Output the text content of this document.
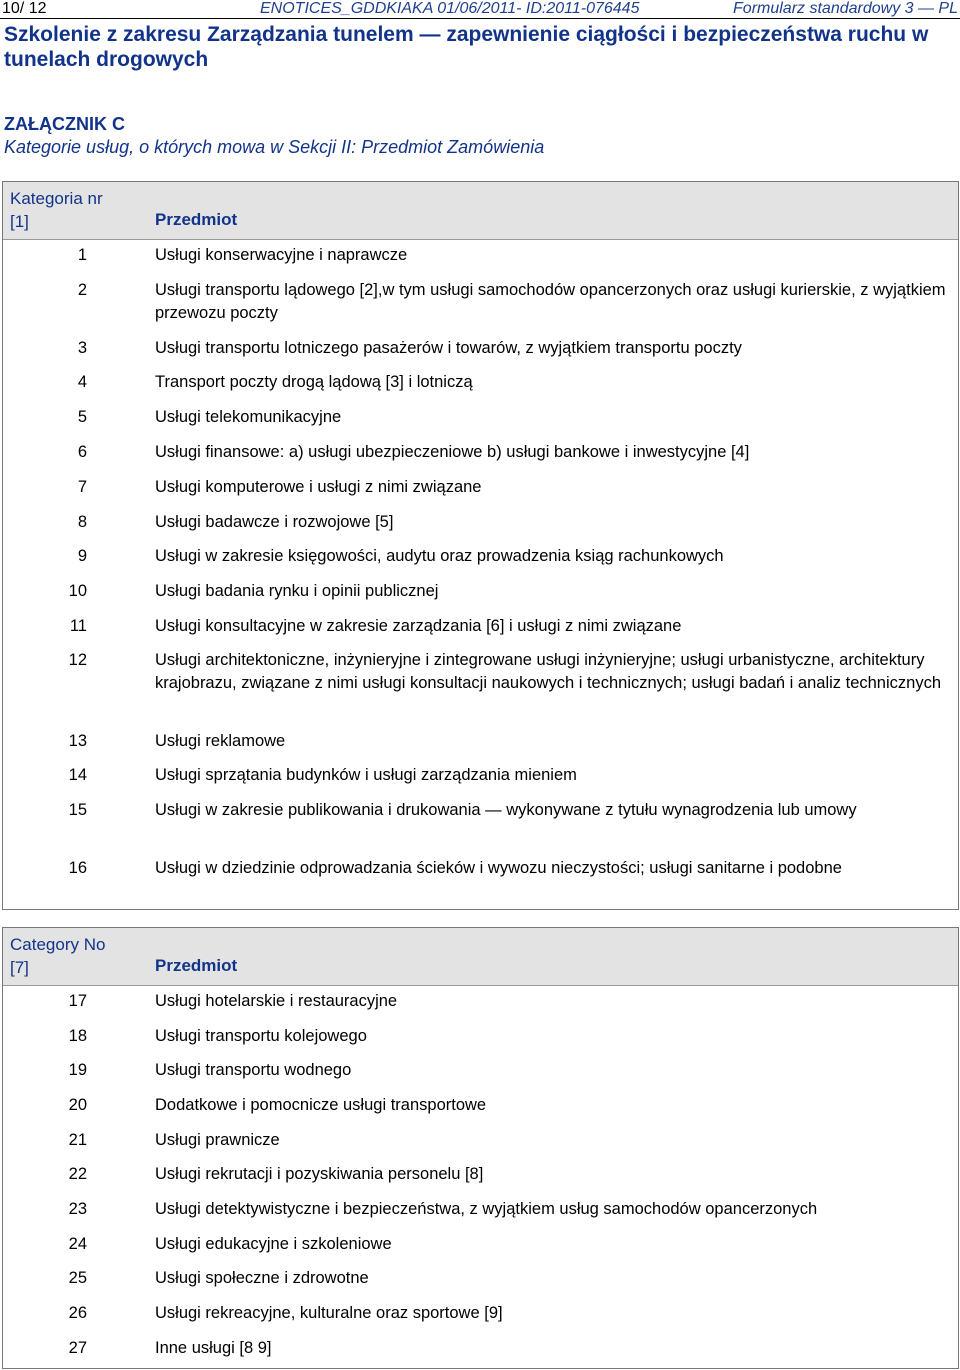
10/ 12	ENOTICES_GDDKIAKA 01/06/2011- ID:2011-076445	Formularz standardowy 3 — PL
Szkolenie z zakresu Zarządzania tunelem — zapewnienie ciągłości i bezpieczeństwa ruchu w tunelach drogowych
ZAŁĄCZNIK C
Kategorie usług, o których mowa w Sekcji II: Przedmiot Zamówienia
Kategoria nr
[1]	Przedmiot
1	Usługi konserwacyjne i naprawcze
2	Usługi transportu lądowego [2],w tym usługi samochodów opancerzonych oraz usługi kurierskie, z wyjątkiem przewozu poczty
3	Usługi transportu lotniczego pasażerów i towarów, z wyjątkiem transportu poczty
4	Transport poczty drogą lądową [3] i lotniczą
5	Usługi telekomunikacyjne
6	Usługi finansowe: a) usługi ubezpieczeniowe b) usługi bankowe i inwestycyjne [4]
7	Usługi komputerowe i usługi z nimi związane
8	Usługi badawcze i rozwojowe [5]
9	Usługi w zakresie księgowości, audytu oraz prowadzenia ksiąg rachunkowych
10	Usługi badania rynku i opinii publicznej
11	Usługi konsultacyjne w zakresie zarządzania [6] i usługi z nimi związane
12	Usługi architektoniczne, inżynieryjne i zintegrowane usługi inżynieryjne; usługi urbanistyczne, architektury krajobrazu, związane z nimi usługi konsultacji naukowych i technicznych; usługi badań i analiz technicznych
13	Usługi reklamowe
14	Usługi sprzątania budynków i usługi zarządzania mieniem
15	Usługi w zakresie publikowania i drukowania — wykonywane z tytułu wynagrodzenia lub umowy
16	Usługi w dziedzinie odprowadzania ścieków i wywozu nieczystości; usługi sanitarne i podobne
Category No
[7]	Przedmiot
17	Usługi hotelarskie i restauracyjne
18	Usługi transportu kolejowego
19	Usługi transportu wodnego
20	Dodatkowe i pomocnicze usługi transportowe
21	Usługi prawnicze
22	Usługi rekrutacji i pozyskiwania personelu [8]
23	Usługi detektywistyczne i bezpieczeństwa, z wyjątkiem usług samochodów opancerzonych
24	Usługi edukacyjne i szkoleniowe
25	Usługi społeczne i zdrowotne
26	Usługi rekreacyjne, kulturalne oraz sportowe [9]
27	Inne usługi [8 9]
